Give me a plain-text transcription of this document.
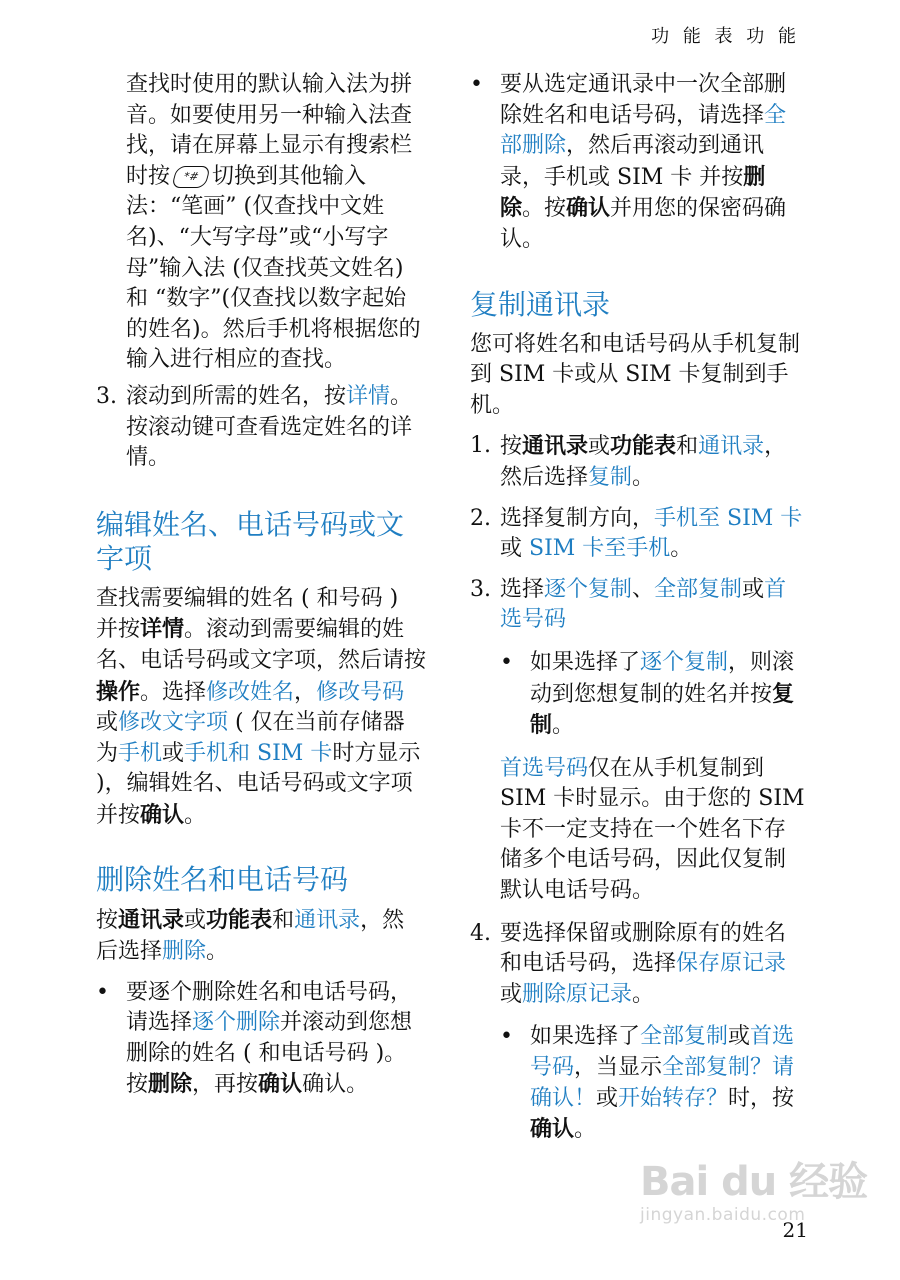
功 能 表 功 能

查找时使用的默认输入法为拼音。如要使用另一种输入法查找，请在屏幕上显示有搜索栏时按 *# 切换到其他输入法：“笔画” (仅查找中文姓名)、“大写字母”或“小写字母”输入法 (仅查找英文姓名) 和 “数字”(仅查找以数字起始的姓名)。然后手机将根据您的输入进行相应的查找。

3. 滚动到所需的姓名，按详情。按滚动键可查看选定姓名的详情。
编辑姓名、电话号码或文字项

查找需要编辑的姓名 ( 和号码 ) 并按详情。滚动到需要编辑的姓名、电话号码或文字项，然后请按操作。选择修改姓名，修改号码或修改文字项 ( 仅在当前存储器为手机或手机和 SIM 卡时方显示 )，编辑姓名、电话号码或文字项并按确认。

删除姓名和电话号码

按通讯录或功能表和通讯录，然后选择删除。

• 要逐个删除姓名和电话号码，请选择逐个删除并滚动到您想删除的姓名 ( 和电话号码 )。按删除，再按确认确认。
• 要从选定通讯录中一次全部删除姓名和电话号码，请选择全部删除，然后再滚动到通讯录，手机或 SIM 卡 并按删除。按确认并用您的保密码确认。
复制通讯录

您可将姓名和电话号码从手机复制到 SIM 卡或从 SIM 卡复制到手机。

1. 按通讯录或功能表和通讯录，然后选择复制。
2. 选择复制方向，手机至 SIM 卡或 SIM 卡至手机。
3. 选择逐个复制、全部复制或首选号码
• 如果选择了逐个复制，则滚动到您想复制的姓名并按复制。

首选号码仅在从手机复制到 SIM 卡时显示。由于您的 SIM 卡不一定支持在一个姓名下存储多个电话号码，因此仅复制默认电话号码。

4. 要选择保留或删除原有的姓名和电话号码，选择保存原记录或删除原记录。
• 如果选择了全部复制或首选号码，当显示全部复制？请确认！或开始转存？时，按确认。
Bai du 经验
jingyan.baidu.com
21
